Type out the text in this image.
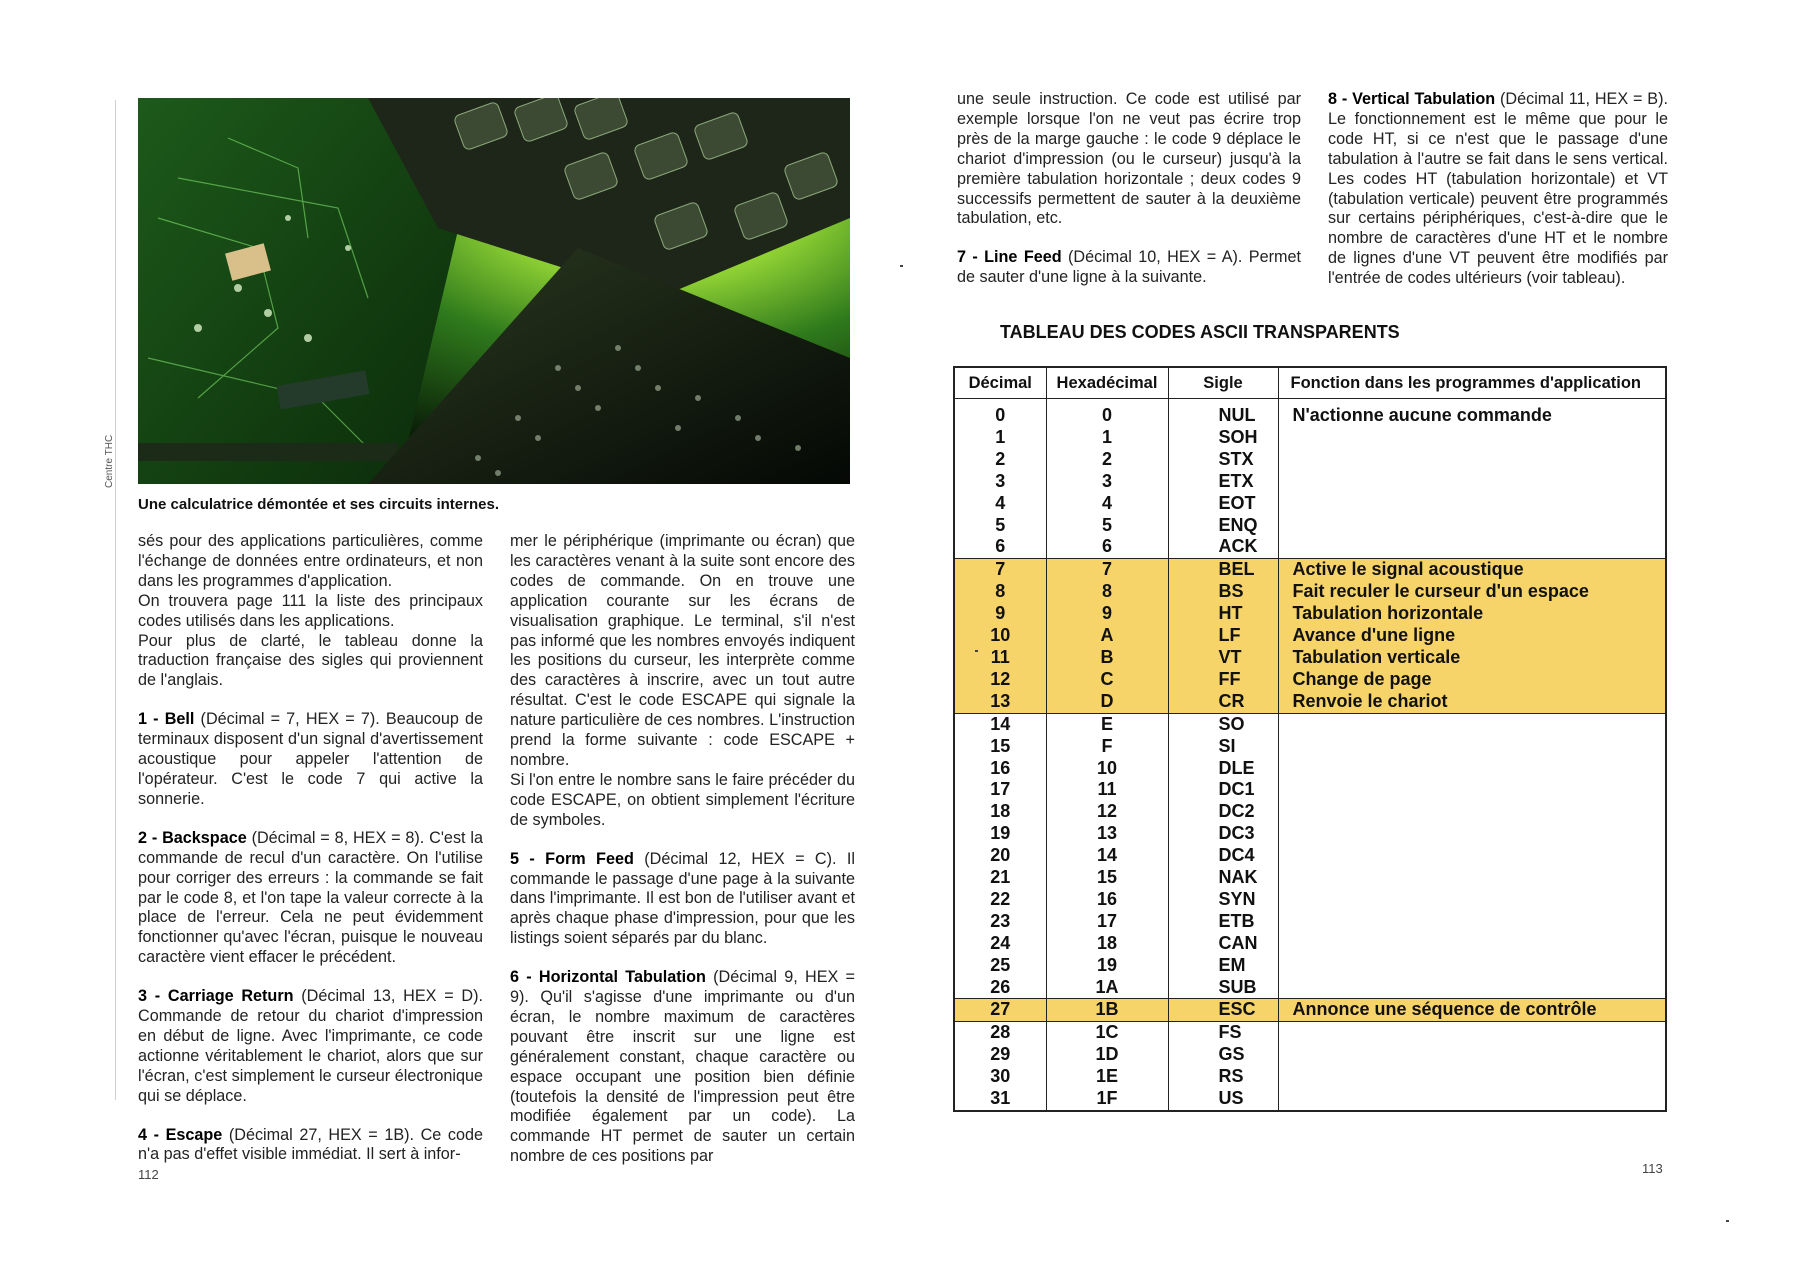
Centre THC
Une calculatrice démontée et ses circuits internes.

sés pour des applications particulières, comme l'échange de données entre ordinateurs, et non dans les programmes d'application.

On trouvera page 111 la liste des principaux codes utilisés dans les applications.

Pour plus de clarté, le tableau donne la traduction française des sigles qui proviennent de l'anglais.

1 - Bell (Décimal = 7, HEX = 7). Beaucoup de terminaux disposent d'un signal d'avertissement acoustique pour appeler l'attention de l'opérateur. C'est le code 7 qui active la sonnerie.

2 - Backspace (Décimal = 8, HEX = 8). C'est la commande de recul d'un caractère. On l'utilise pour corriger des erreurs : la commande se fait par le code 8, et l'on tape la valeur correcte à la place de l'erreur. Cela ne peut évidemment fonctionner qu'avec l'écran, puisque le nouveau caractère vient effacer le précédent.

3 - Carriage Return (Décimal 13, HEX = D). Commande de retour du chariot d'impression en début de ligne. Avec l'imprimante, ce code actionne véritablement le chariot, alors que sur l'écran, c'est simplement le curseur électronique qui se déplace.

4 - Escape (Décimal 27, HEX = 1B). Ce code n'a pas d'effet visible immédiat. Il sert à infor-

mer le périphérique (imprimante ou écran) que les caractères venant à la suite sont encore des codes de commande. On en trouve une application courante sur les écrans de visualisation graphique. Le terminal, s'il n'est pas informé que les nombres envoyés indiquent les positions du curseur, les interprète comme des caractères à inscrire, avec un tout autre résultat. C'est le code ESCAPE qui signale la nature particulière de ces nombres. L'instruction prend la forme suivante : code ESCAPE + nombre.

Si l'on entre le nombre sans le faire précéder du code ESCAPE, on obtient simplement l'écriture de symboles.

5 - Form Feed (Décimal 12, HEX = C). Il commande le passage d'une page à la suivante dans l'imprimante. Il est bon de l'utiliser avant et après chaque phase d'impression, pour que les listings soient séparés par du blanc.

6 - Horizontal Tabulation (Décimal 9, HEX = 9). Qu'il s'agisse d'une imprimante ou d'un écran, le nombre maximum de caractères pouvant être inscrit sur une ligne est généralement constant, chaque caractère ou espace occupant une position bien définie (toutefois la densité de l'impression peut être modifiée également par un code). La commande HT permet de sauter un certain nombre de ces positions par

112

une seule instruction. Ce code est utilisé par exemple lorsque l'on ne veut pas écrire trop près de la marge gauche : le code 9 déplace le chariot d'impression (ou le curseur) jusqu'à la première tabulation horizontale ; deux codes 9 successifs permettent de sauter à la deuxième tabulation, etc.

7 - Line Feed (Décimal 10, HEX = A). Permet de sauter d'une ligne à la suivante.

8 - Vertical Tabulation (Décimal 11, HEX = B). Le fonctionnement est le même que pour le code HT, si ce n'est que le passage d'une tabulation à l'autre se fait dans le sens vertical. Les codes HT (tabulation horizontale) et VT (tabulation verticale) peuvent être programmés sur certains périphériques, c'est-à-dire que le nombre de caractères d'une HT et le nombre de lignes d'une VT peuvent être modifiés par l'entrée de codes ultérieurs (voir tableau).

TABLEAU DES CODES ASCII TRANSPARENTS
Décimal	Hexadécimal	Sigle	Fonction dans les programmes d'application
0	0	NUL	N'actionne aucune commande
1	1	SOH	
2	2	STX	
3	3	ETX	
4	4	EOT	
5	5	ENQ	
6	6	ACK	
7	7	BEL	Active le signal acoustique
8	8	BS	Fait reculer le curseur d'un espace
9	9	HT	Tabulation horizontale
10	A	LF	Avance d'une ligne
11	B	VT	Tabulation verticale
12	C	FF	Change de page
13	D	CR	Renvoie le chariot
14	E	SO	
15	F	SI	
16	10	DLE	
17	11	DC1	
18	12	DC2	
19	13	DC3	
20	14	DC4	
21	15	NAK	
22	16	SYN	
23	17	ETB	
24	18	CAN	
25	19	EM	
26	1A	SUB	
27	1B	ESC	Annonce une séquence de contrôle
28	1C	FS	
29	1D	GS	
30	1E	RS	
31	1F	US	
113
